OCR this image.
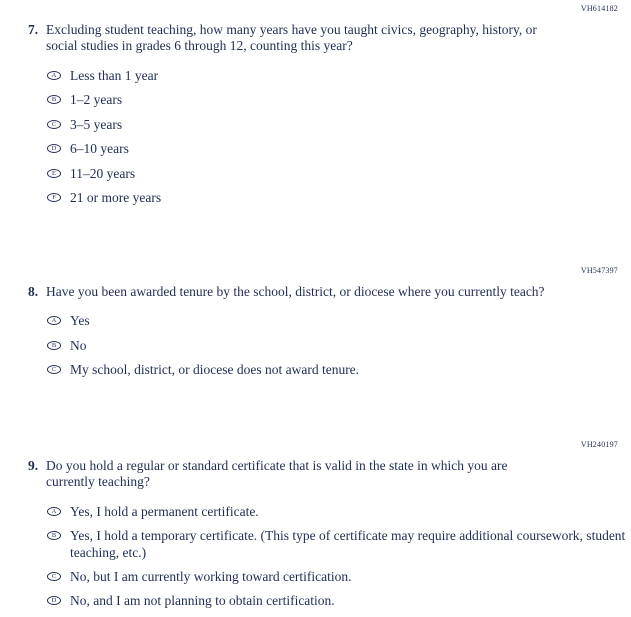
VH614182
7. Excluding student teaching, how many years have you taught civics, geography, history, or social studies in grades 6 through 12, counting this year?
A	Less than 1 year
B	1–2 years
C	3–5 years
D	6–10 years
E	11–20 years
F	21 or more years
VH547397
8. Have you been awarded tenure by the school, district, or diocese where you currently teach?
A	Yes
B	No
C	My school, district, or diocese does not award tenure.
VH240197
9. Do you hold a regular or standard certificate that is valid in the state in which you are currently teaching?
A	Yes, I hold a permanent certificate.
B	Yes, I hold a temporary certificate. (This type of certificate may require additional coursework, student teaching, etc.)
C	No, but I am currently working toward certification.
D	No, and I am not planning to obtain certification.
